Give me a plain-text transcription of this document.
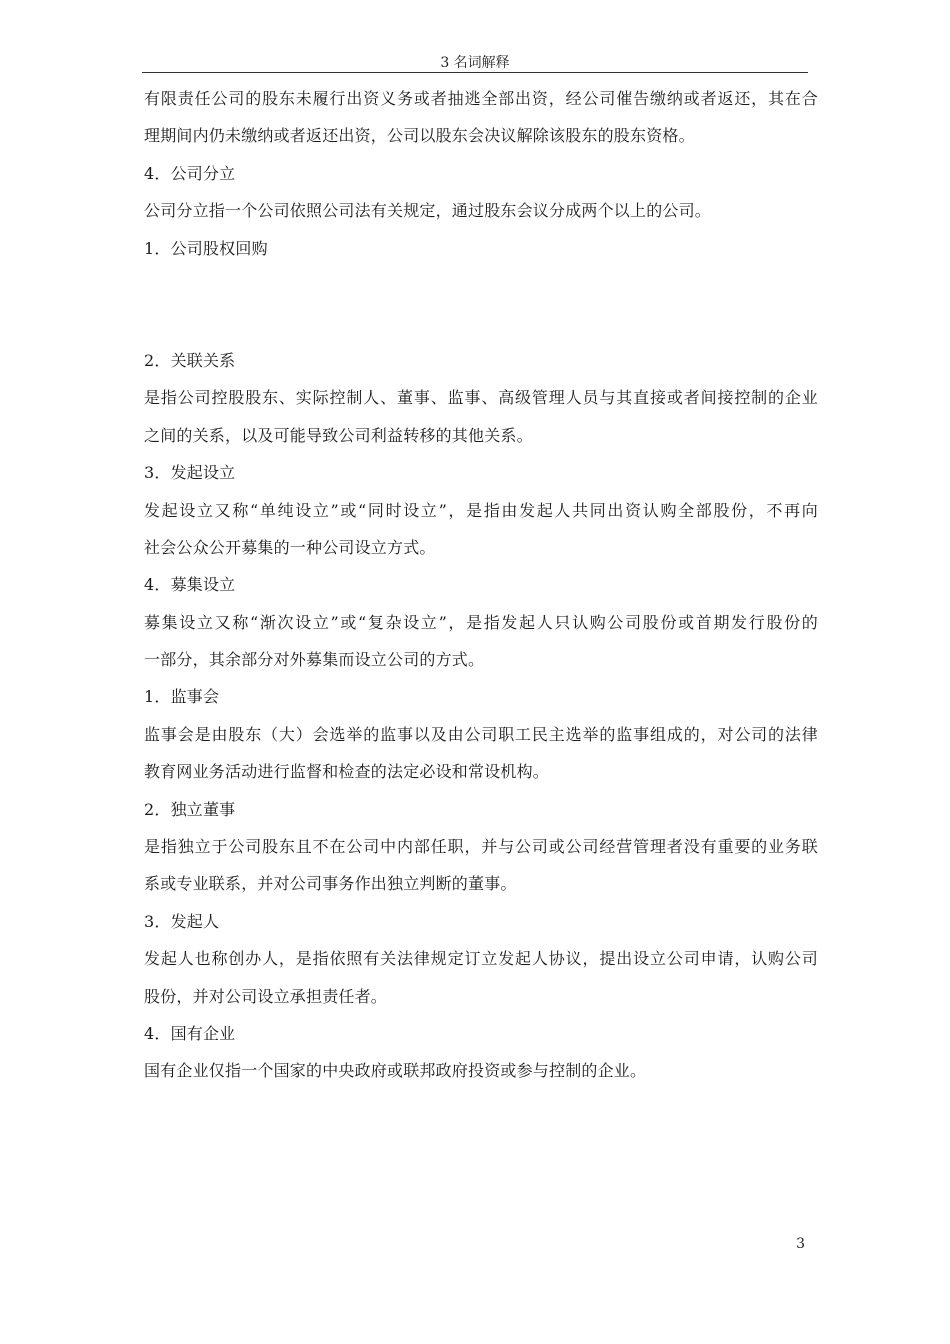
3 名词解释
有限责任公司的股东未履行出资义务或者抽逃全部出资，经公司催告缴纳或者返还，其在合
理期间内仍未缴纳或者返还出资，公司以股东会决议解除该股东的股东资格。
4．公司分立
公司分立指一个公司依照公司法有关规定，通过股东会议分成两个以上的公司。
1．公司股权回购
2．关联关系
是指公司控股股东、实际控制人、董事、监事、高级管理人员与其直接或者间接控制的企业
之间的关系，以及可能导致公司利益转移的其他关系。
3．发起设立
发起设立又称“单纯设立”或“同时设立”，是指由发起人共同出资认购全部股份，不再向
社会公众公开募集的一种公司设立方式。
4．募集设立
募集设立又称“渐次设立”或“复杂设立”，是指发起人只认购公司股份或首期发行股份的
一部分，其余部分对外募集而设立公司的方式。
1．监事会
监事会是由股东（大）会选举的监事以及由公司职工民主选举的监事组成的，对公司的法律
教育网业务活动进行监督和检查的法定必设和常设机构。
2．独立董事
是指独立于公司股东且不在公司中内部任职，并与公司或公司经营管理者没有重要的业务联
系或专业联系，并对公司事务作出独立判断的董事。
3．发起人
发起人也称创办人，是指依照有关法律规定订立发起人协议，提出设立公司申请，认购公司
股份，并对公司设立承担责任者。
4．国有企业
国有企业仅指一个国家的中央政府或联邦政府投资或参与控制的企业。
3
